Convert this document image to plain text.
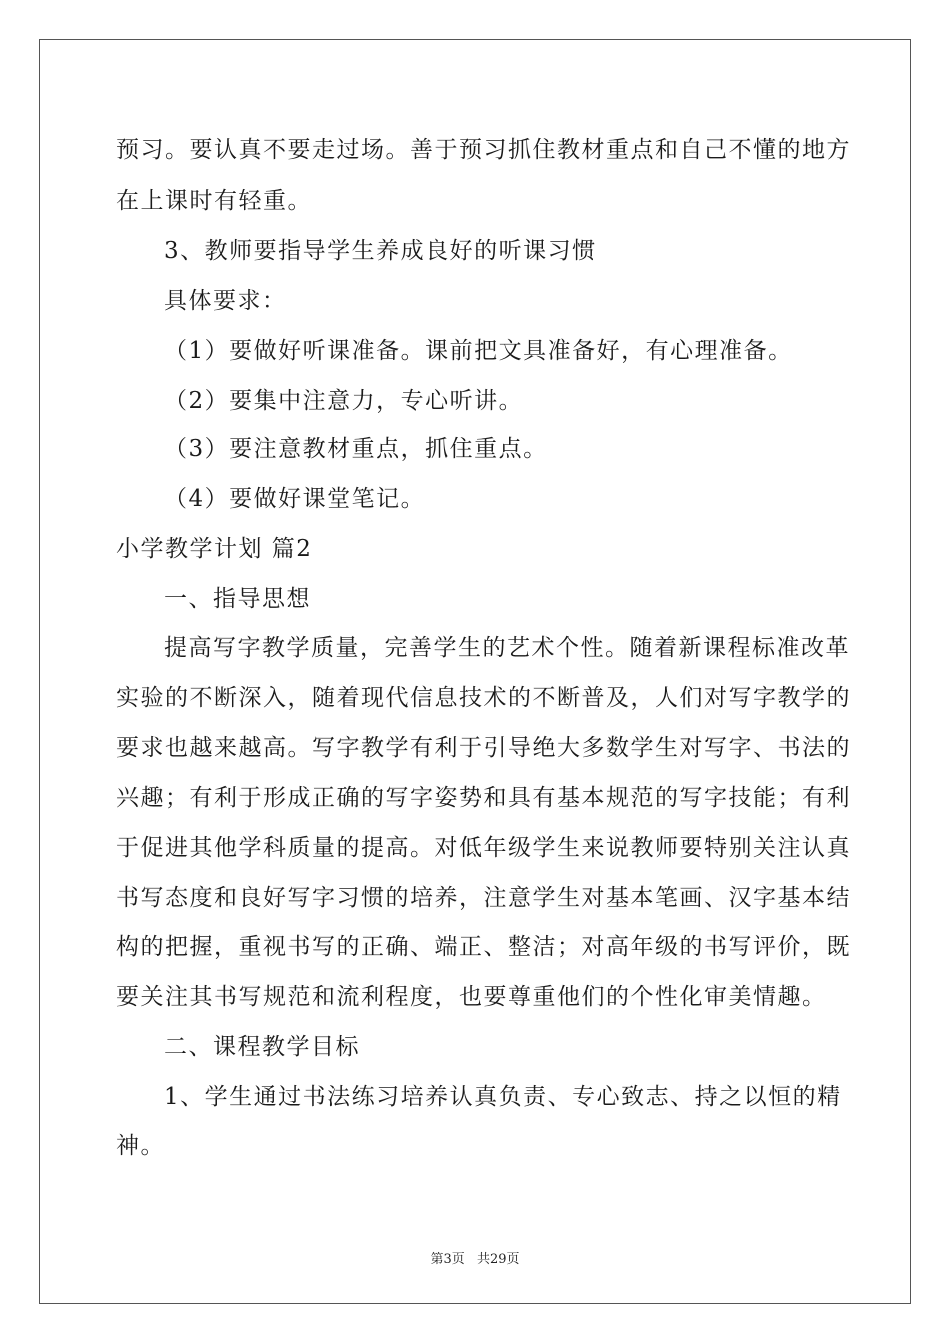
预习。要认真不要走过场。善于预习抓住教材重点和自己不懂的地方
在上课时有轻重。
3、教师要指导学生养成良好的听课习惯
具体要求：
（1）要做好听课准备。课前把文具准备好，有心理准备。
（2）要集中注意力，专心听讲。
（3）要注意教材重点，抓住重点。
（4）要做好课堂笔记。
小学教学计划 篇2
一、指导思想
提高写字教学质量，完善学生的艺术个性。随着新课程标准改革
实验的不断深入，随着现代信息技术的不断普及，人们对写字教学的
要求也越来越高。写字教学有利于引导绝大多数学生对写字、书法的
兴趣；有利于形成正确的写字姿势和具有基本规范的写字技能；有利
于促进其他学科质量的提高。对低年级学生来说教师要特别关注认真
书写态度和良好写字习惯的培养，注意学生对基本笔画、汉字基本结
构的把握，重视书写的正确、端正、整洁；对高年级的书写评价，既
要关注其书写规范和流利程度，也要尊重他们的个性化审美情趣。
二、课程教学目标
1、学生通过书法练习培养认真负责、专心致志、持之以恒的精
神。
第3页 共29页
